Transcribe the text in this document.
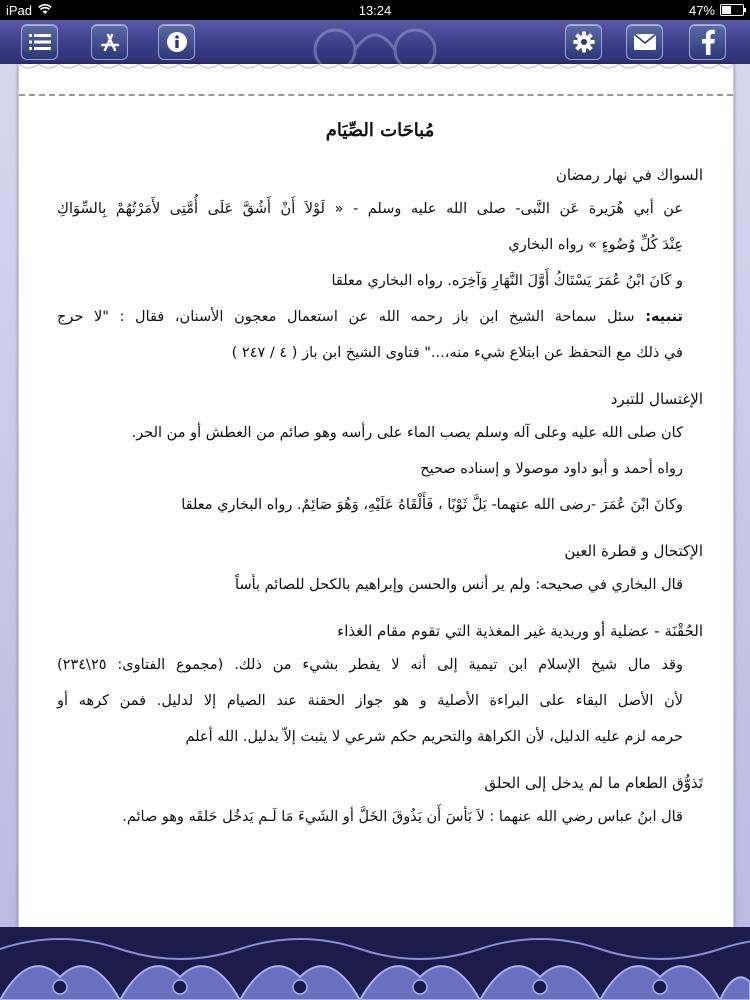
iPad	13:24	47%
مُباحَات الصِّيَام
السواك في نهار رمضان
عن أبي هُرَيرة عَن النَّبى- صلى الله عليه وسلم - « لَوْلاَ أَنْ أَشُقَّ عَلَى أُمَّتِى لأَمَرْتُهُمْ بِالسِّوَاكِ
عِنْدَ كُلِّ وُضُوءٍ » رواه البخاري
و كَانَ ابْنُ عُمَرَ يَسْتَاكُ أَوَّلَ النَّهَارِ وَآخِرَه. رواه البخاري معلقا
تنبيه: سئل سماحة الشيخ ابن باز رحمه الله عن استعمال معجون الأسنان، فقال : "لا حرج
في ذلك مع التحفظ عن ابتلاع شيء منه،..." فتاوى الشيخ ابن باز ( ٤ / ٢٤٧ )
الإغتسال للتبرد
كان صلى الله عليه وعلى آله وسلم يصب الماء على رأسه وهو صائم من العطش أو من الحر.
رواه أحمد و أبو داود موصولا و إسناده صحيح
وكانَ ابْنَ عُمَرَ -رضى الله عنهما- بَلَّ ثَوْبًا ، فَأَلْقَاهُ عَلَيْهِ، وَهُوَ صَائِمٌ. رواه البخاري معلقا
الإكتحال و قطرة العين
قال البخاري في صحيحه: ولم ير أنس والحسن وإبراهيم بالكحل للصائم بأساً
الحُقْنَة - عضلية أو وريدية غير المغذية التي تقوم مقام الغذاء
وقد مال شيخ الإسلام ابن تيمية إلى أنه لا يفطر بشيء من ذلك. (مجموع الفتاوى: ٢٥\٢٣٤)
لأن الأصل البقاء على البراءة الأصلية و هو جواز الحقنة عند الصيام إلا لدليل. فمن كرهه أو
حرمه لزم عليه الدليل، لأن الكراهة والتحريم حكم شرعي لا يثبت إلاّ بدليل. الله أعلم
تَذوُّق الطعام ما لم يدخل إلى الحلق
قال ابنُ عباس رضي الله عنهما : لاَ بَأسَ أَن يَذُوقَ الخَلَّ أو الشَيءَ مَا لَـم يَدخُل حَلقَه وهو صائم.
